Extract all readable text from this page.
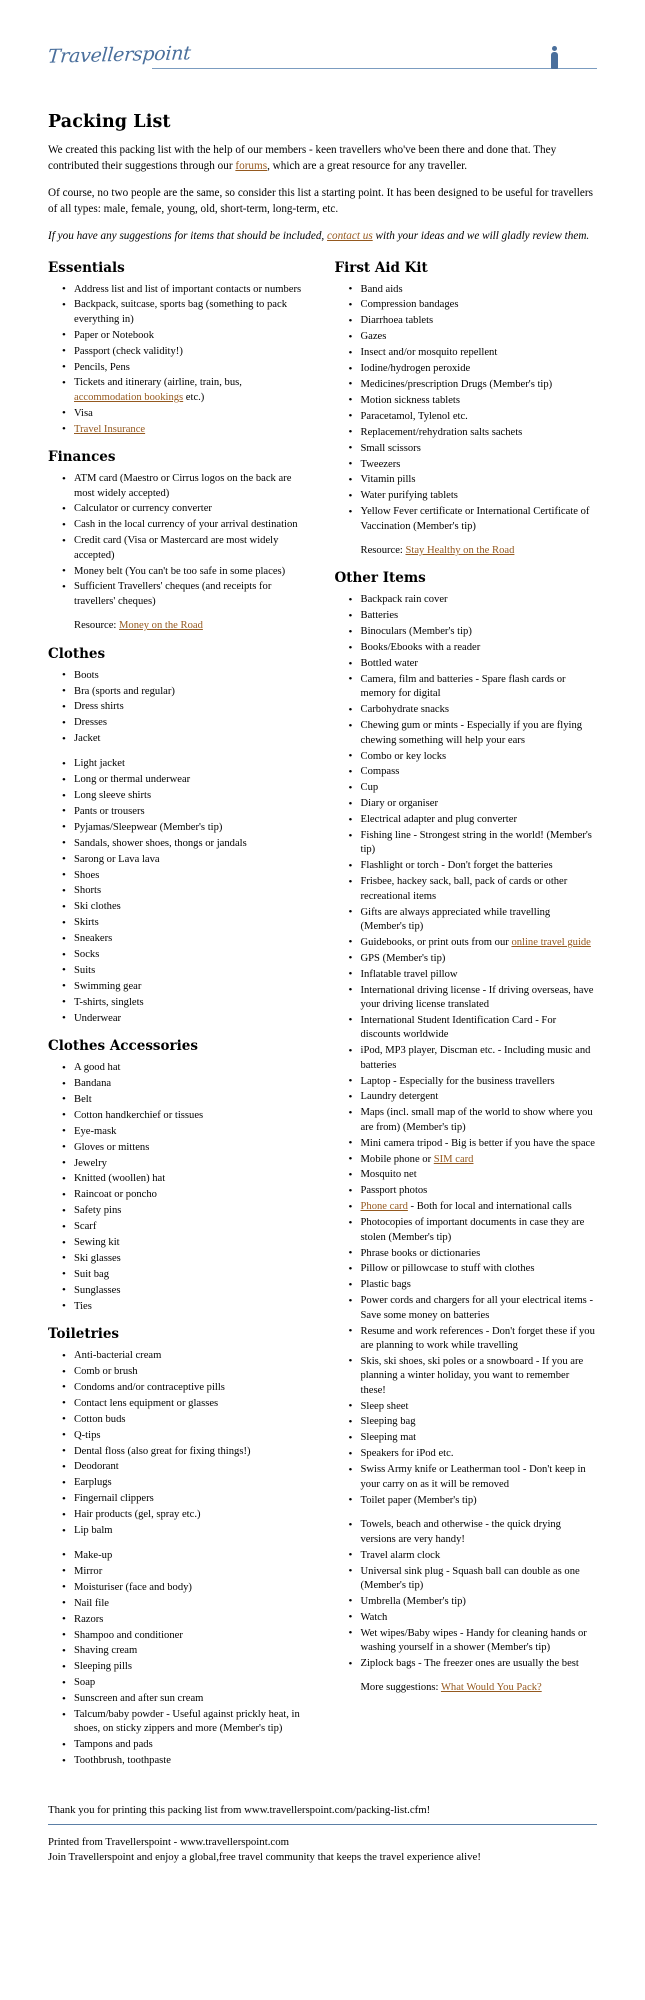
Travellerspoint
Packing List

We created this packing list with the help of our members - keen travellers who've been there and done that. They contributed their suggestions through our forums, which are a great resource for any traveller.

Of course, no two people are the same, so consider this list a starting point. It has been designed to be useful for travellers of all types: male, female, young, old, short-term, long-term, etc.

If you have any suggestions for items that should be included, contact us with your ideas and we will gladly review them.

Essentials
• Address list and list of important contacts or numbers
• Backpack, suitcase, sports bag (something to pack everything in)
• Paper or Notebook
• Passport (check validity!)
• Pencils, Pens
• Tickets and itinerary (airline, train, bus, accommodation bookings etc.)
• Visa
• Travel Insurance
Finances
• ATM card (Maestro or Cirrus logos on the back are most widely accepted)
• Calculator or currency converter
• Cash in the local currency of your arrival destination
• Credit card (Visa or Mastercard are most widely accepted)
• Money belt (You can't be too safe in some places)
• Sufficient Travellers' cheques (and receipts for travellers' cheques)

Resource: Money on the Road

Clothes
• Boots
• Bra (sports and regular)
• Dress shirts
• Dresses
• Jacket
• Light jacket
• Long or thermal underwear
• Long sleeve shirts
• Pants or trousers
• Pyjamas/Sleepwear (Member's tip)
• Sandals, shower shoes, thongs or jandals
• Sarong or Lava lava
• Shoes
• Shorts
• Ski clothes
• Skirts
• Sneakers
• Socks
• Suits
• Swimming gear
• T-shirts, singlets
• Underwear
Clothes Accessories
• A good hat
• Bandana
• Belt
• Cotton handkerchief or tissues
• Eye-mask
• Gloves or mittens
• Jewelry
• Knitted (woollen) hat
• Raincoat or poncho
• Safety pins
• Scarf
• Sewing kit
• Ski glasses
• Suit bag
• Sunglasses
• Ties
Toiletries
• Anti-bacterial cream
• Comb or brush
• Condoms and/or contraceptive pills
• Contact lens equipment or glasses
• Cotton buds
• Q-tips
• Dental floss (also great for fixing things!)
• Deodorant
• Earplugs
• Fingernail clippers
• Hair products (gel, spray etc.)
• Lip balm
• Make-up
• Mirror
• Moisturiser (face and body)
• Nail file
• Razors
• Shampoo and conditioner
• Shaving cream
• Sleeping pills
• Soap
• Sunscreen and after sun cream
• Talcum/baby powder - Useful against prickly heat, in shoes, on sticky zippers and more (Member's tip)
• Tampons and pads
• Toothbrush, toothpaste
First Aid Kit
• Band aids
• Compression bandages
• Diarrhoea tablets
• Gazes
• Insect and/or mosquito repellent
• Iodine/hydrogen peroxide
• Medicines/prescription Drugs (Member's tip)
• Motion sickness tablets
• Paracetamol, Tylenol etc.
• Replacement/rehydration salts sachets
• Small scissors
• Tweezers
• Vitamin pills
• Water purifying tablets
• Yellow Fever certificate or International Certificate of Vaccination (Member's tip)

Resource: Stay Healthy on the Road

Other Items
• Backpack rain cover
• Batteries
• Binoculars (Member's tip)
• Books/Ebooks with a reader
• Bottled water
• Camera, film and batteries - Spare flash cards or memory for digital
• Carbohydrate snacks
• Chewing gum or mints - Especially if you are flying chewing something will help your ears
• Combo or key locks
• Compass
• Cup
• Diary or organiser
• Electrical adapter and plug converter
• Fishing line - Strongest string in the world! (Member's tip)
• Flashlight or torch - Don't forget the batteries
• Frisbee, hackey sack, ball, pack of cards or other recreational items
• Gifts are always appreciated while travelling (Member's tip)
• Guidebooks, or print outs from our online travel guide
• GPS (Member's tip)
• Inflatable travel pillow
• International driving license - If driving overseas, have your driving license translated
• International Student Identification Card - For discounts worldwide
• iPod, MP3 player, Discman etc. - Including music and batteries
• Laptop - Especially for the business travellers
• Laundry detergent
• Maps (incl. small map of the world to show where you are from) (Member's tip)
• Mini camera tripod - Big is better if you have the space
• Mobile phone or SIM card
• Mosquito net
• Passport photos
• Phone card - Both for local and international calls
• Photocopies of important documents in case they are stolen (Member's tip)
• Phrase books or dictionaries
• Pillow or pillowcase to stuff with clothes
• Plastic bags
• Power cords and chargers for all your electrical items - Save some money on batteries
• Resume and work references - Don't forget these if you are planning to work while travelling
• Skis, ski shoes, ski poles or a snowboard - If you are planning a winter holiday, you want to remember these!
• Sleep sheet
• Sleeping bag
• Sleeping mat
• Speakers for iPod etc.
• Swiss Army knife or Leatherman tool - Don't keep in your carry on as it will be removed
• Toilet paper (Member's tip)
• Towels, beach and otherwise - the quick drying versions are very handy!
• Travel alarm clock
• Universal sink plug - Squash ball can double as one (Member's tip)
• Umbrella (Member's tip)
• Watch
• Wet wipes/Baby wipes - Handy for cleaning hands or washing yourself in a shower (Member's tip)
• Ziplock bags - The freezer ones are usually the best

More suggestions: What Would You Pack?

Thank you for printing this packing list from www.travellerspoint.com/packing-list.cfm!

Printed from Travellerspoint - www.travellerspoint.com

Join Travellerspoint and enjoy a global,free travel community that keeps the travel experience alive!
